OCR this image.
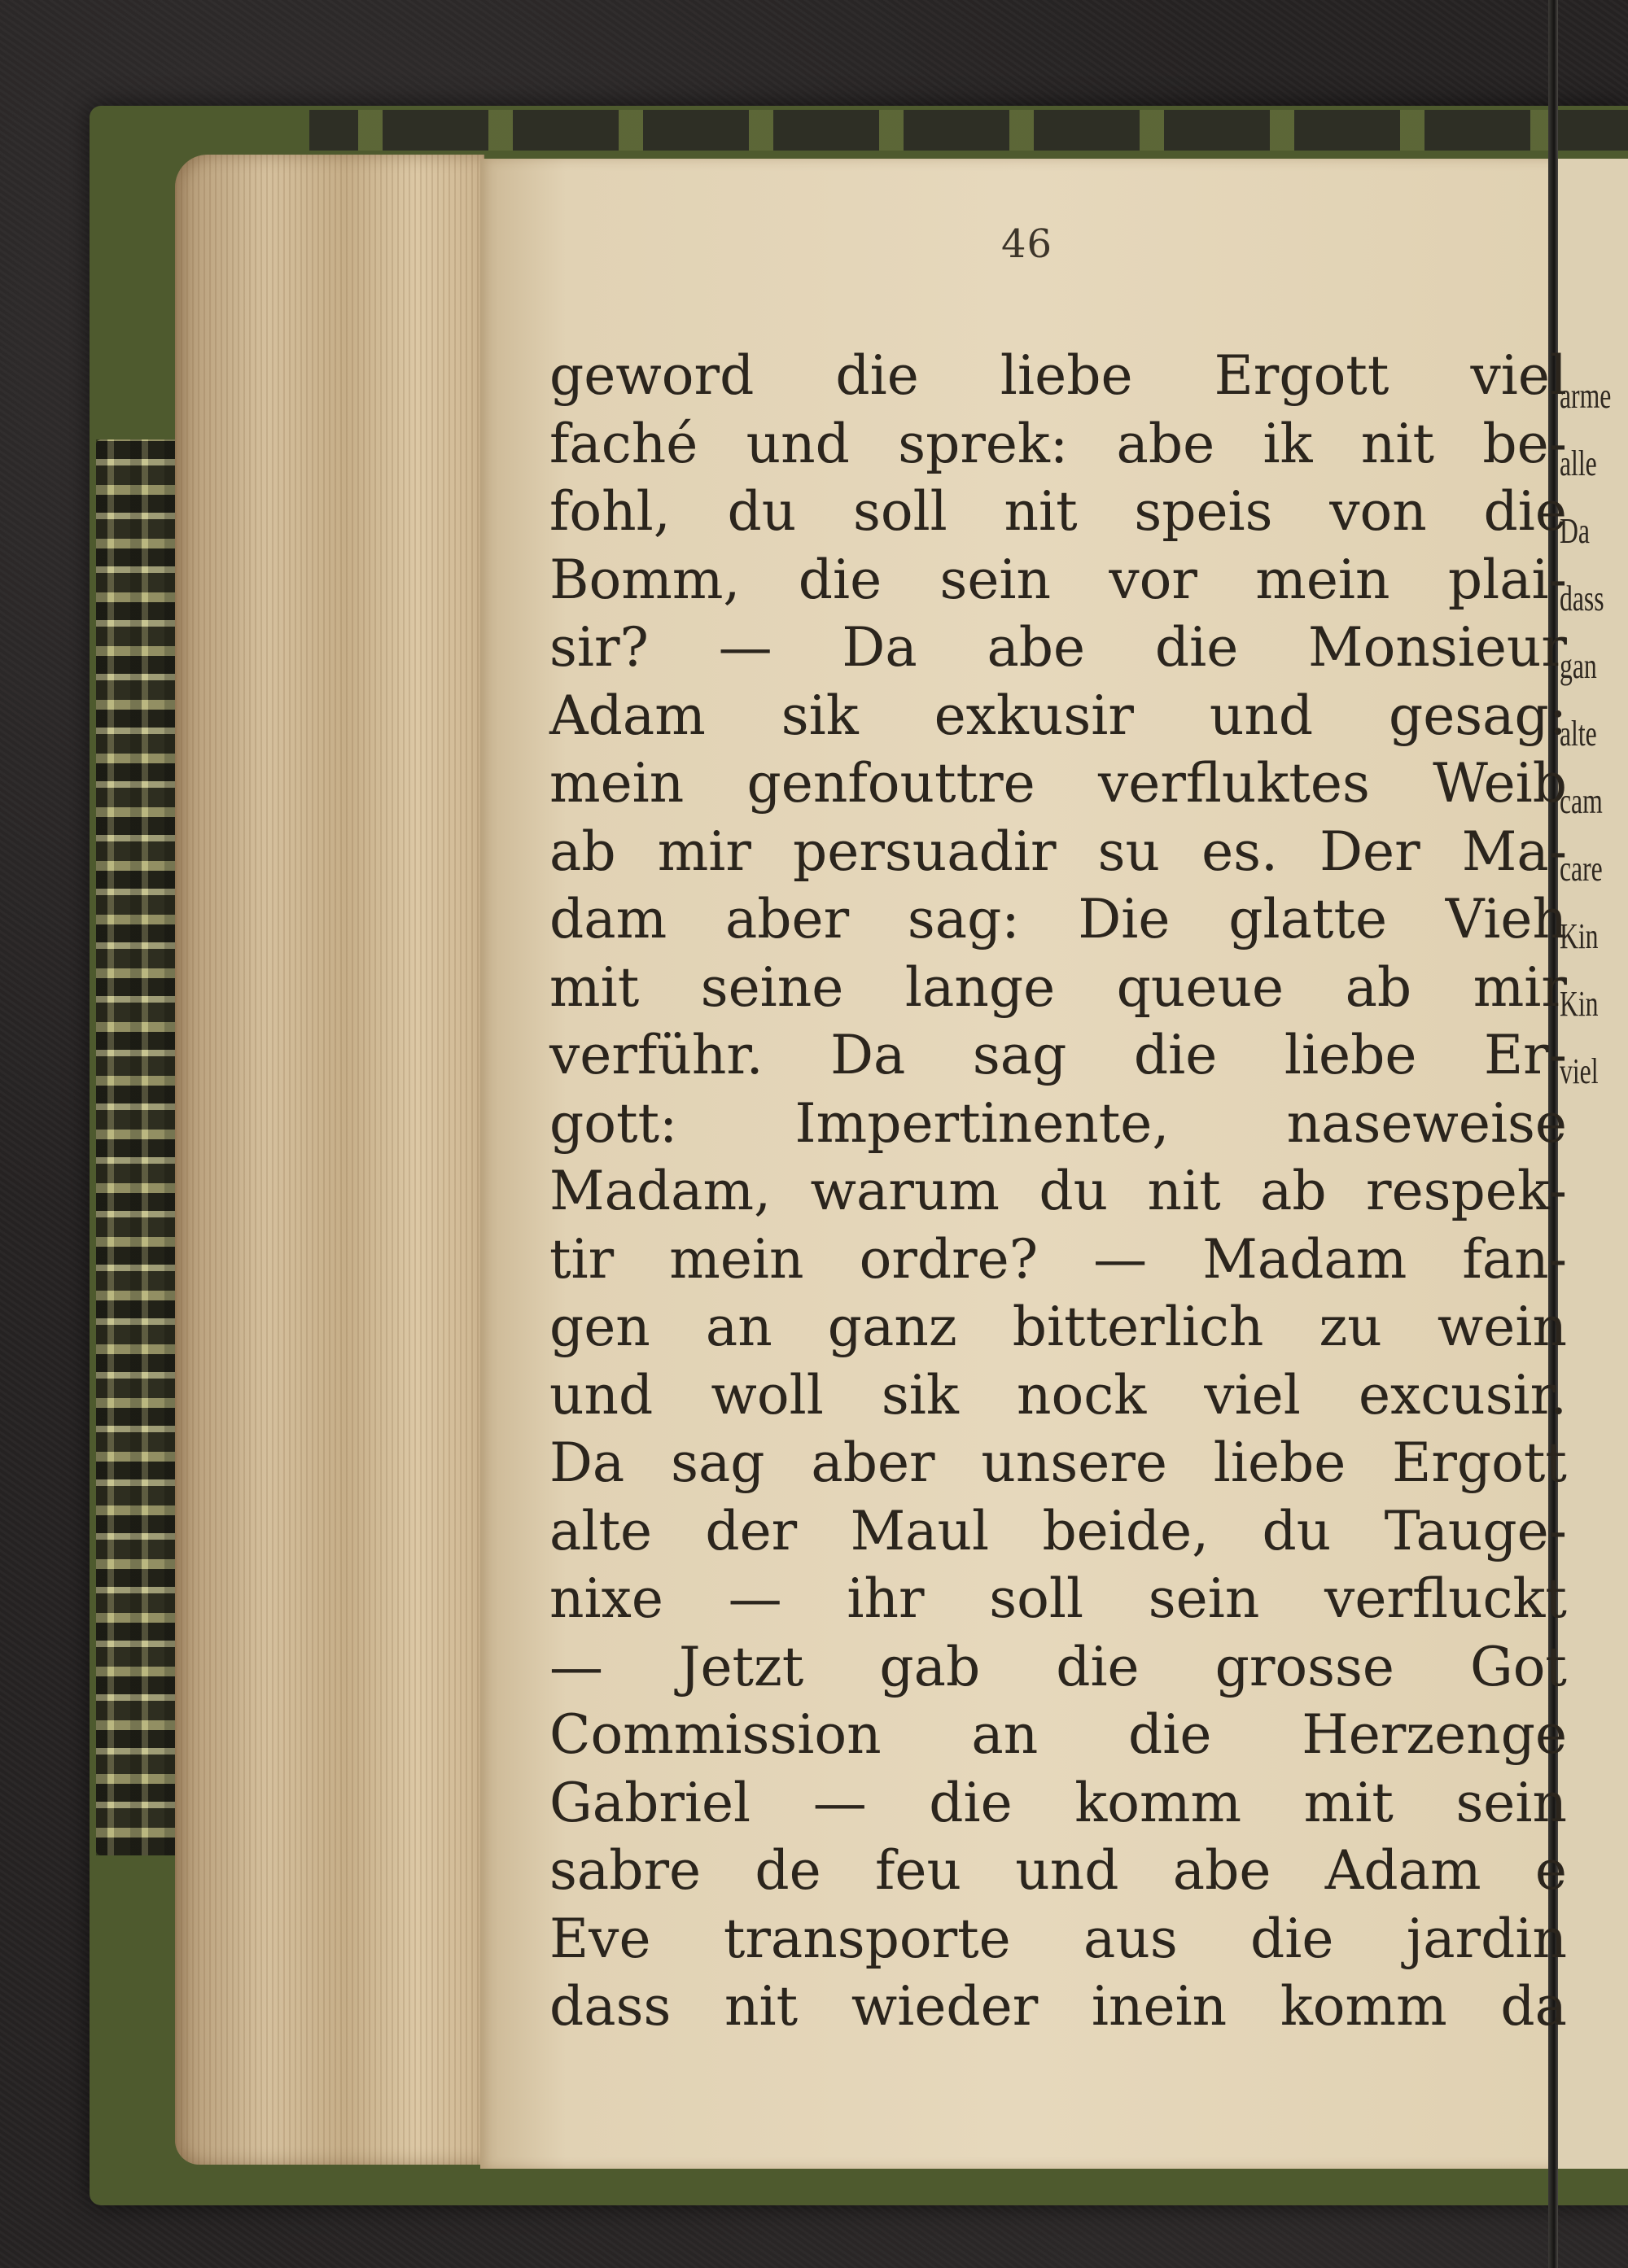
arme
alle
Da
dass
gan
alte
cam
care
Kin
Kin
viel
46
geword die liebe Ergott viel
faché und sprek: abe ik nit be-
fohl, du soll nit speis von die
Bomm, die sein vor mein plai-
sir? — Da abe die Monsieur
Adam sik exkusir und gesag:
mein genfouttre verfluktes Weib
ab mir persuadir su es. Der Ma-
dam aber sag: Die glatte Vieh
mit seine lange queue ab mir
verführ. Da sag die liebe Er-
gott: Impertinente, naseweise
Madam, warum du nit ab respek-
tir mein ordre? — Madam fan-
gen an ganz bitterlich zu wein
und woll sik nock viel excusir.
Da sag aber unsere liebe Ergott
alte der Maul beide, du Tauge-
nixe — ihr soll sein verfluckt
— Jetzt gab die grosse Got
Commission an die Herzenge
Gabriel — die komm mit sein
sabre de feu und abe Adam e
Eve transporte aus die jardin
dass nit wieder inein komm da
